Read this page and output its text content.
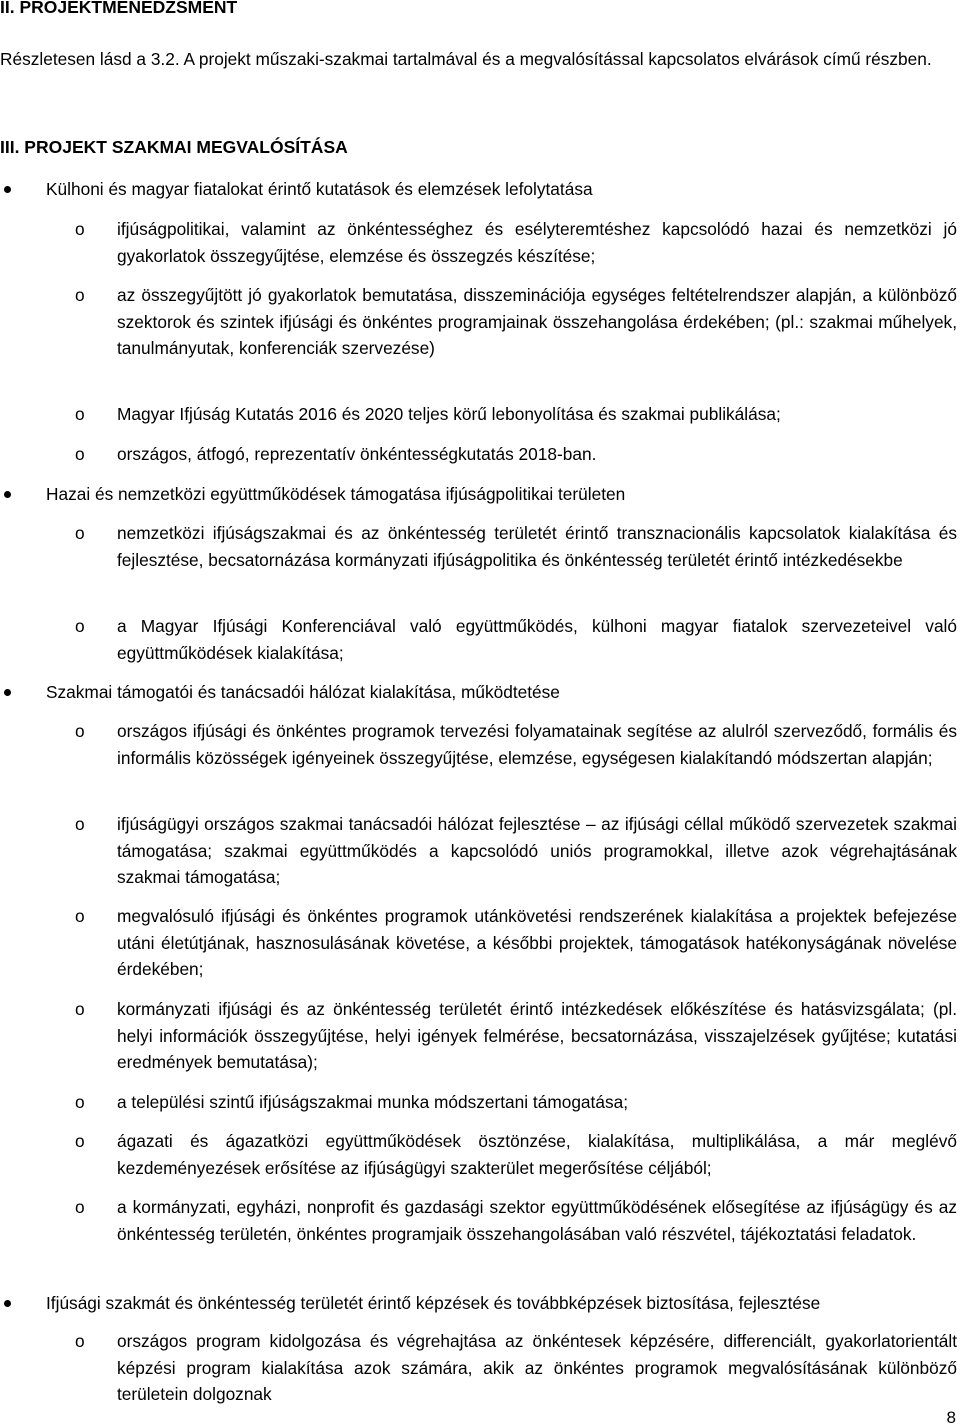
II. PROJEKTMENEDZSMENT

Részletesen lásd a 3.2. A projekt műszaki-szakmai tartalmával és a megvalósítással kapcsolatos elvárások című részben.

III. PROJEKT SZAKMAI MEGVALÓSÍTÁSA

Külhoni és magyar fiatalokat érintő kutatások és elemzések lefolytatása

o ifjúságpolitikai, valamint az önkéntességhez és esélyteremtéshez kapcsolódó hazai és nemzetközi jó gyakorlatok összegyűjtése, elemzése és összegzés készítése;

o az összegyűjtött jó gyakorlatok bemutatása, disszeminációja egységes feltételrendszer alapján, a különböző szektorok és szintek ifjúsági és önkéntes programjainak összehangolása érdekében; (pl.: szakmai műhelyek, tanulmányutak, konferenciák szervezése)

o Magyar Ifjúság Kutatás 2016 és 2020 teljes körű lebonyolítása és szakmai publikálása;

o országos, átfogó, reprezentatív önkéntességkutatás 2018-ban.

Hazai és nemzetközi együttműködések támogatása ifjúságpolitikai területen

o nemzetközi ifjúságszakmai és az önkéntesség területét érintő transznacionális kapcsolatok kialakítása és fejlesztése, becsatornázása kormányzati ifjúságpolitika és önkéntesség területét érintő intézkedésekbe

o a Magyar Ifjúsági Konferenciával való együttműködés, külhoni magyar fiatalok szervezeteivel való együttműködések kialakítása;

Szakmai támogatói és tanácsadói hálózat kialakítása, működtetése

o országos ifjúsági és önkéntes programok tervezési folyamatainak segítése az alulról szerveződő, formális és informális közösségek igényeinek összegyűjtése, elemzése, egységesen kialakítandó módszertan alapján;

o ifjúságügyi országos szakmai tanácsadói hálózat fejlesztése – az ifjúsági céllal működő szervezetek szakmai támogatása; szakmai együttműködés a kapcsolódó uniós programokkal, illetve azok végrehajtásának szakmai támogatása;

o megvalósuló ifjúsági és önkéntes programok utánkövetési rendszerének kialakítása a projektek befejezése utáni életútjának, hasznosulásának követése, a későbbi projektek, támogatások hatékonyságának növelése érdekében;

o kormányzati ifjúsági és az önkéntesség területét érintő intézkedések előkészítése és hatásvizsgálata; (pl. helyi információk összegyűjtése, helyi igények felmérése, becsatornázása, visszajelzések gyűjtése; kutatási eredmények bemutatása);

o a települési szintű ifjúságszakmai munka módszertani támogatása;

o ágazati és ágazatközi együttműködések ösztönzése, kialakítása, multiplikálása, a már meglévő kezdeményezések erősítése az ifjúságügyi szakterület megerősítése céljából;

o a kormányzati, egyházi, nonprofit és gazdasági szektor együttműködésének elősegítése az ifjúságügy és az önkéntesség területén, önkéntes programjaik összehangolásában való részvétel, tájékoztatási feladatok.

Ifjúsági szakmát és önkéntesség területét érintő képzések és továbbképzések biztosítása, fejlesztése

o országos program kidolgozása és végrehajtása az önkéntesek képzésére, differenciált, gyakorlatorientált képzési program kialakítása azok számára, akik az önkéntes programok megvalósításának különböző területein dolgoznak

8
